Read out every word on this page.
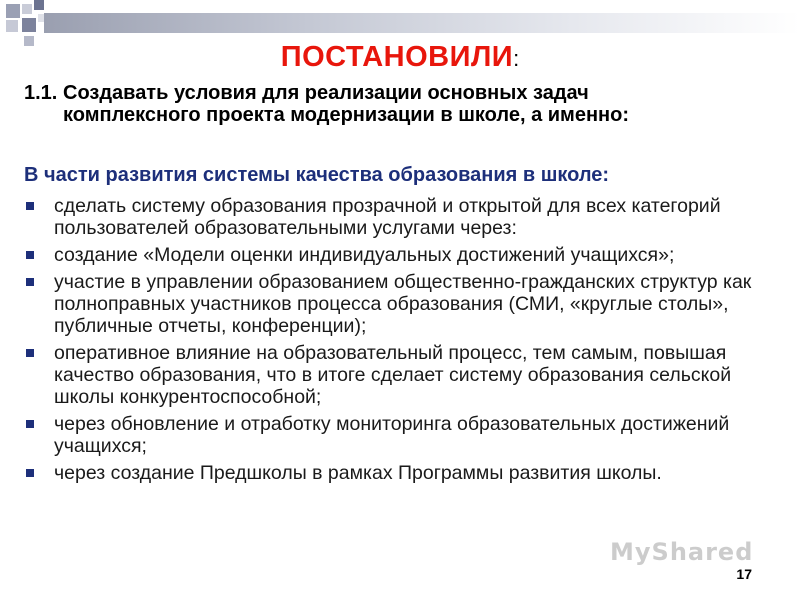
ПОСТАНОВИЛИ:
1.1. Создавать условия для реализации основных задач
комплексного проекта модернизации в школе, а именно:
В части развития системы качества образования в школе:
сделать систему образования прозрачной и открытой для всех категорий пользователей образовательными услугами через:
создание «Модели оценки индивидуальных достижений учащихся»;
участие в управлении образованием общественно-гражданских структур как полноправных участников процесса образования (СМИ, «круглые столы», публичные отчеты, конференции);
оперативное влияние на образовательный процесс, тем самым, повышая качество образования, что в итоге сделает систему образования сельской школы конкурентоспособной;
через обновление и отработку мониторинга образовательных достижений учащихся;
через создание Предшколы в рамках Программы развития школы.
MyShared
17
